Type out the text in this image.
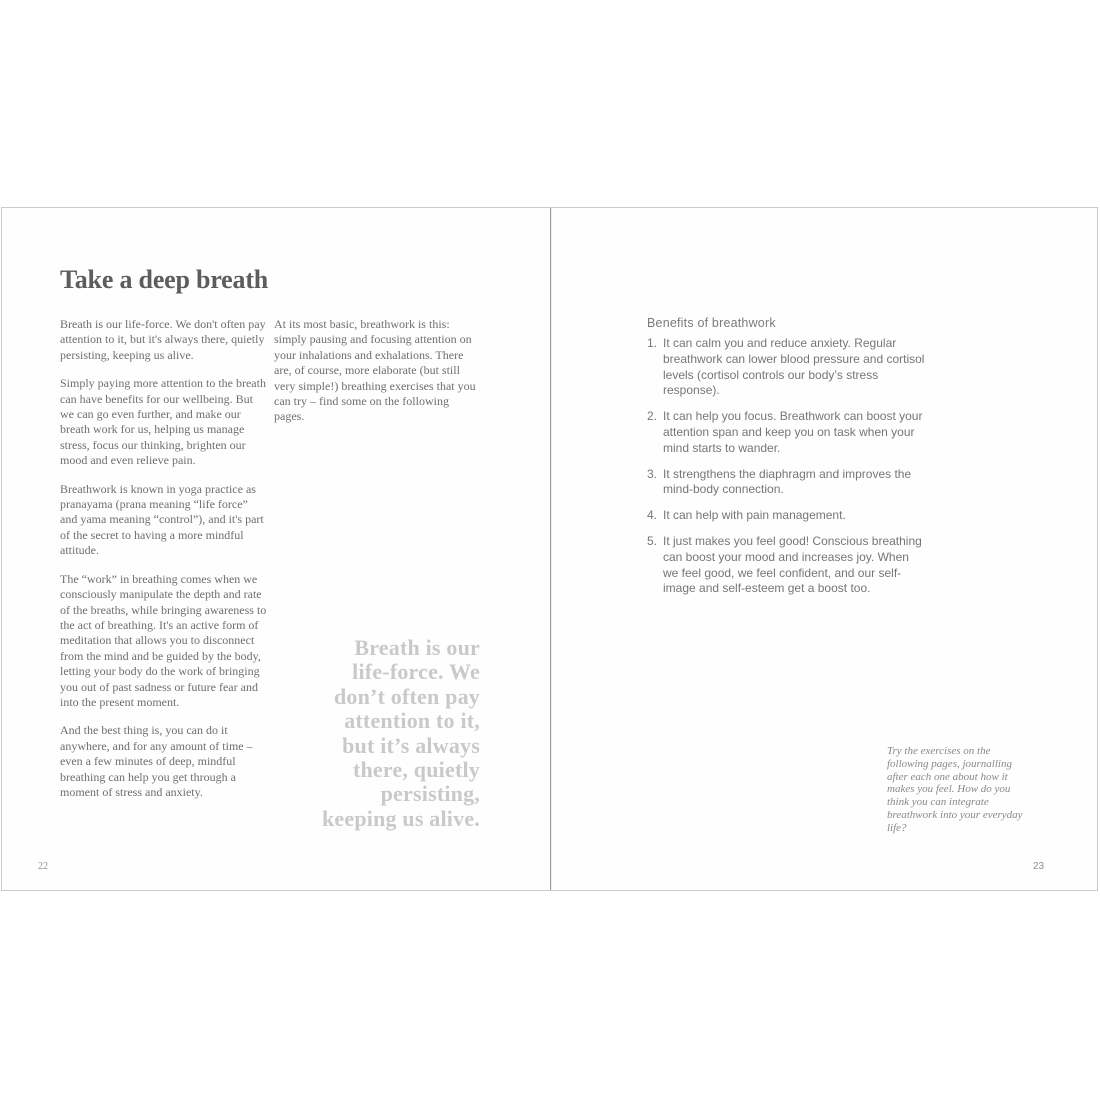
Take a deep breath

Breath is our life-force. We don't often pay attention to it, but it's always there, quietly persisting, keeping us alive.

Simply paying more attention to the breath can have benefits for our wellbeing. But we can go even further, and make our breath work for us, helping us manage stress, focus our thinking, brighten our mood and even relieve pain.

Breathwork is known in yoga practice as pranayama (prana meaning “life force” and yama meaning “control”), and it's part of the secret to having a more mindful attitude.

The “work” in breathing comes when we consciously manipulate the depth and rate of the breaths, while bringing awareness to the act of breathing. It's an active form of meditation that allows you to disconnect from the mind and be guided by the body, letting your body do the work of bringing you out of past sadness or future fear and into the present moment.

And the best thing is, you can do it anywhere, and for any amount of time – even a few minutes of deep, mindful breathing can help you get through a moment of stress and anxiety.

At its most basic, breathwork is this: simply pausing and focusing attention on your inhalations and exhalations. There are, of course, more elaborate (but still very simple!) breathing exercises that you can try – find some on the following pages.

Breath is our
life-force. We
don’t often pay
attention to it,
but it’s always
there, quietly
persisting,
keeping us alive.
22
Benefits of breathwork
1. It can calm you and reduce anxiety. Regular breathwork can lower blood pressure and cortisol levels (cortisol controls our body’s stress response).
2. It can help you focus. Breathwork can boost your attention span and keep you on task when your mind starts to wander.
3. It strengthens the diaphragm and improves the mind-body connection.
4. It can help with pain management.
5. It just makes you feel good! Conscious breathing can boost your mood and increases joy. When we feel good, we feel confident, and our self-image and self-esteem get a boost too.
Try the exercises on the following pages, journalling after each one about how it makes you feel. How do you think you can integrate breathwork into your everyday life?
23
